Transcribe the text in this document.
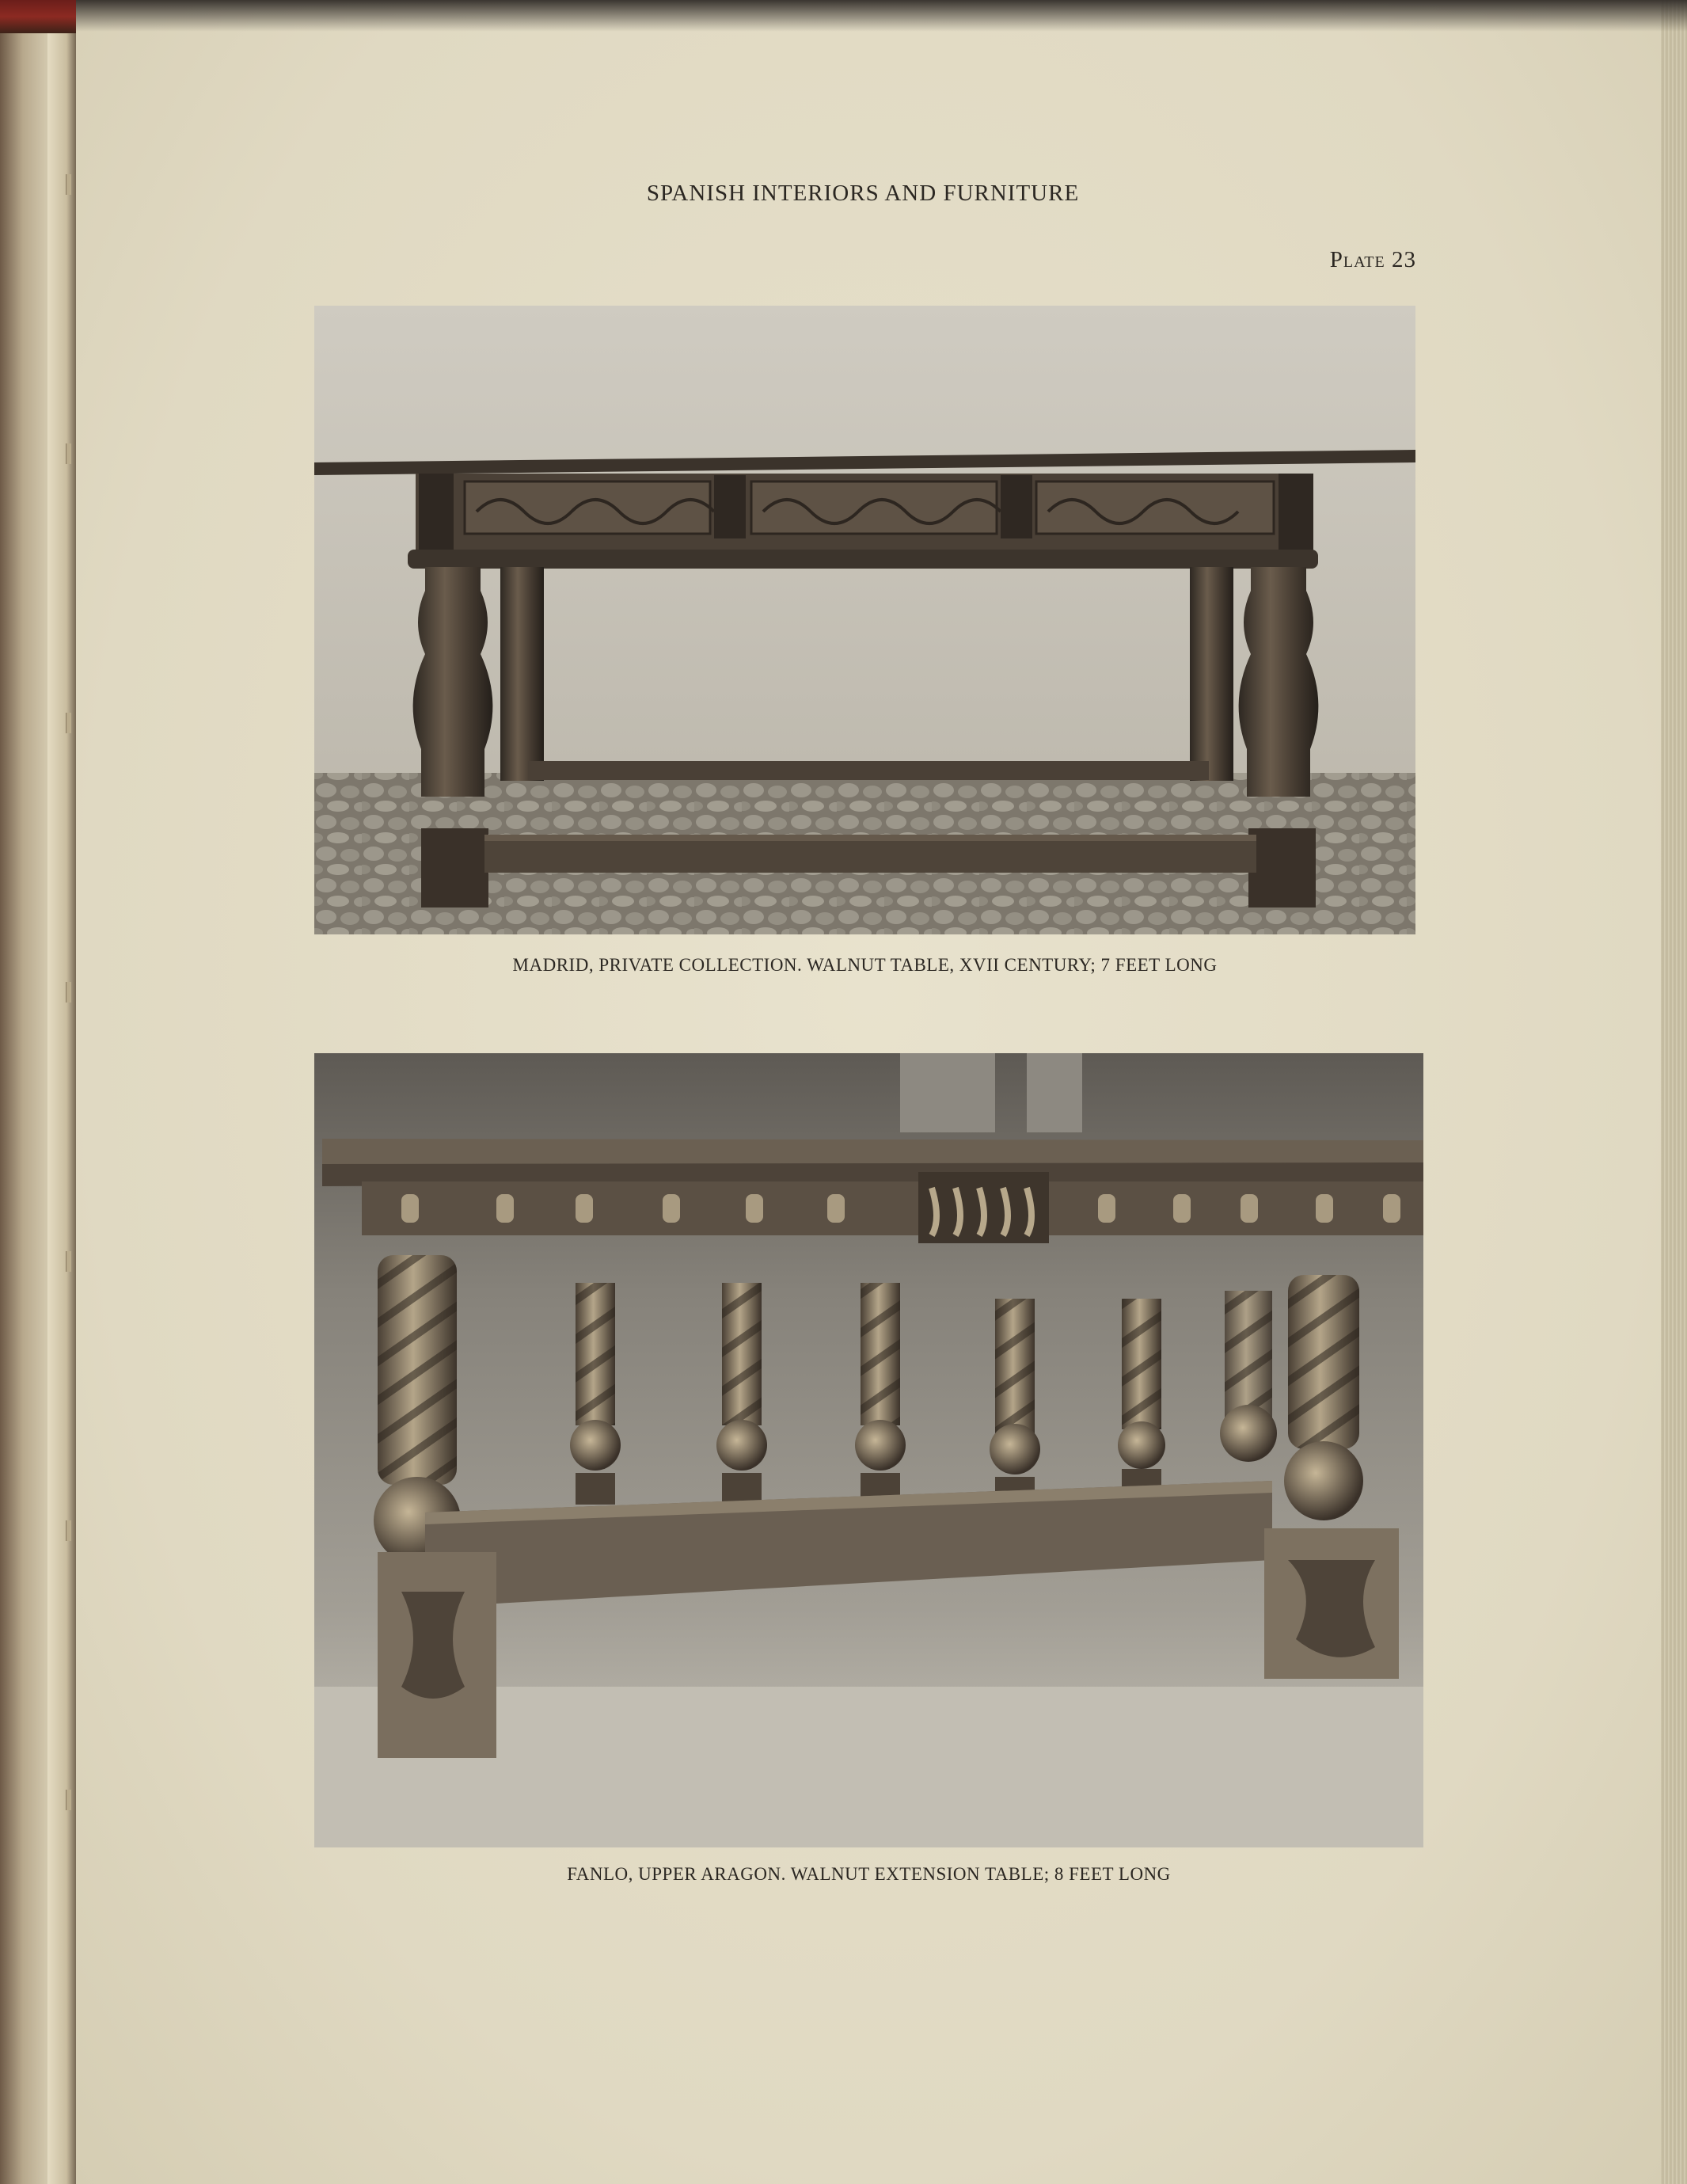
SPANISH INTERIORS AND FURNITURE
Plate 23
MADRID, PRIVATE COLLECTION. WALNUT TABLE, XVII CENTURY; 7 FEET LONG
FANLO, UPPER ARAGON. WALNUT EXTENSION TABLE; 8 FEET LONG
